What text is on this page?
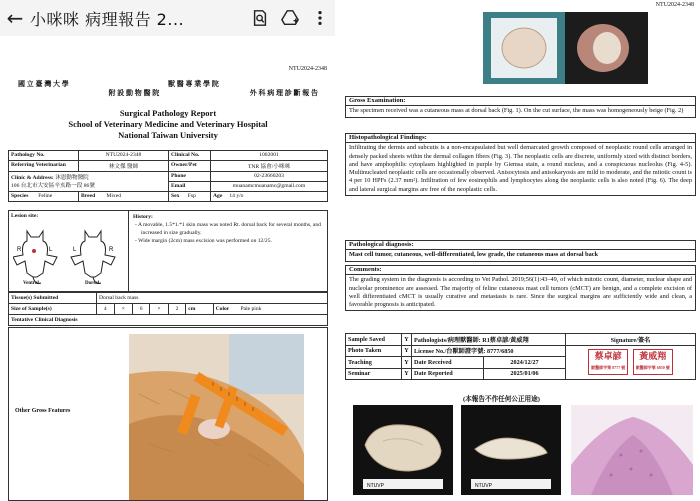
← 小咪咪 病理報告 2...
NTU2024-2348
國 立 臺 灣 大 學	獸 醫 專 業 學 院
附 設 動 物 醫 院	外 科 病 理 診 斷 報 告
Surgical Pathology Report
School of Veterinary Medicine and Veterinary Hospital
National Taiwan University
Pathology No.	NTU2024-2348	Clinical No.	1002001
Referring Veterinarian	林文傑 醫師	Owner/Pet	TNR 協會/小咪咪
Clinic & Address: 沐恩動物醫院
106 台北市大安區辛亥路一段 86號		Phone	02-23660203
		Email	muanamcmuanamc@gmail.com
Species Feline	Breed Mixed	Sex Fsp	Age 14 y/o
Lesion site:
R	L	L	R
Ventral	Dorsal
History:
- A movable, 1.5*1.*1 skin mass was noted Rt. dorsal back for several months, and increased in size gradually.
- Wide margin (2cm) mass excision was performed on 12/25.
Tissue(s) Submitted	Dorsal back mass						
Size of Sample(s)	4	×	6	×	2	cm	Color Pale pink
Tentative Clinical Diagnosis							
Other Gross Features
NTU2024-2348
Gross Examination:
The specimen received was a cutaneous mass at dorsal back (Fig. 1). On the cut surface, the mass was homogeneously beige (Fig. 2)
Histopathological Findings:
Infiltrating the dermis and subcutis is a non-encapsulated but well demarcated growth composed of neoplastic round cells arranged in densely packed sheets within the dermal collagen fibers (Fig. 3). The neoplastic cells are discrete, uniformly sized with distinct borders, and have amphophilic cytoplasm highlighted in purple by Giemsa stain, a round nucleus, and a conspicuous nucleolus (Fig. 4-5). Multinucleated neoplastic cells are occasionally observed. Anisocytosis and anisokaryosis are mild to moderate, and the mitotic count is 4 per 10 HPFs (2.37 mm²). Infiltration of few eosinophils and lymphocytes along the neoplastic cells is also noted (Fig. 6). The deep and lateral surgical margins are free of the neoplastic cells.
Pathological diagnosis:
Mast cell tumor, cutaneous, well-differentiated, low grade, the cutaneous mass at dorsal back
Comments:
The grading system in the diagnosis is according to Vet Pathol. 2019;56(1):43–49, of which mitotic count, diameter, nuclear shape and nucleolar prominence are assessed. The majority of feline cutaneous mast cell tumors (cMCT) are benign, and a complete excision of well differentiated cMCT is usually curative and metastasis is rare. Since the surgical margins are sufficiently wide and clean, a favorable prognosis is anticipated.
Sample Saved	Y	Pathologists/病理獸醫師: R1蔡卓諺/黃威翔		Signature/簽名
Photo Taken	Y	License No./台獸師證字號: 8777/6850		蔡卓諺
獸醫師字第 8777 號   黃威翔
獸醫師字第 6850 號
Teaching	Y	Date Received	2024/12/27	
Seminar	Y	Date Reported	2025/01/06	
(本報告不作任何公正用途)
NTUVP	NTUVP
